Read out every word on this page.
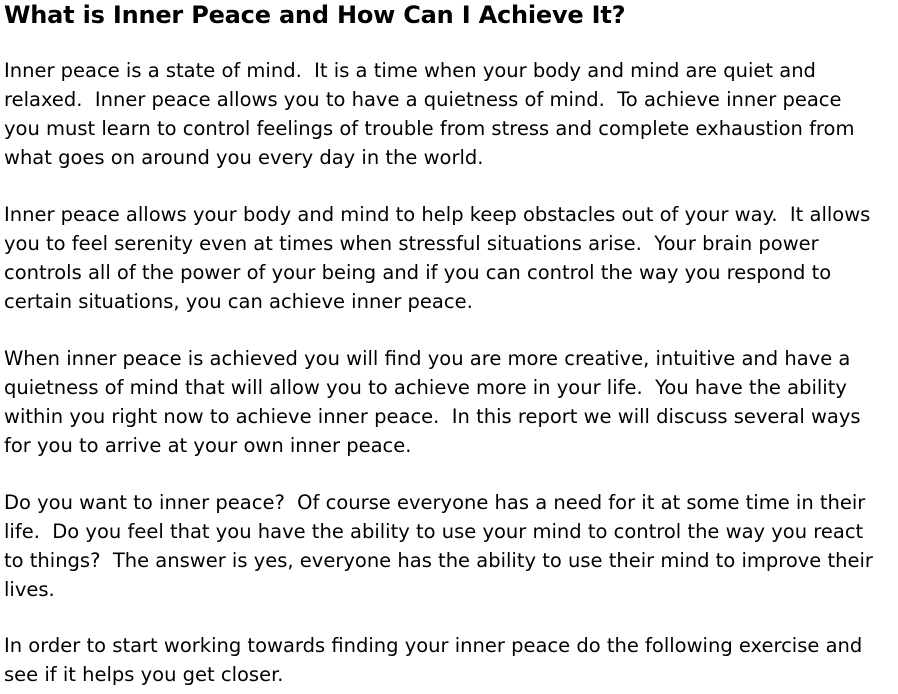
What is Inner Peace and How Can I Achieve It?

Inner peace is a state of mind.  It is a time when your body and mind are quiet and relaxed.  Inner peace allows you to have a quietness of mind.  To achieve inner peace you must learn to control feelings of trouble from stress and complete exhaustion from what goes on around you every day in the world.

Inner peace allows your body and mind to help keep obstacles out of your way.  It allows you to feel serenity even at times when stressful situations arise.  Your brain power controls all of the power of your being and if you can control the way you respond to certain situations, you can achieve inner peace.

When inner peace is achieved you will find you are more creative, intuitive and have a quietness of mind that will allow you to achieve more in your life.  You have the ability within you right now to achieve inner peace.  In this report we will discuss several ways for you to arrive at your own inner peace.

Do you want to inner peace?  Of course everyone has a need for it at some time in their life.  Do you feel that you have the ability to use your mind to control the way you react to things?  The answer is yes, everyone has the ability to use their mind to improve their lives.

In order to start working towards finding your inner peace do the following exercise and see if it helps you get closer.
